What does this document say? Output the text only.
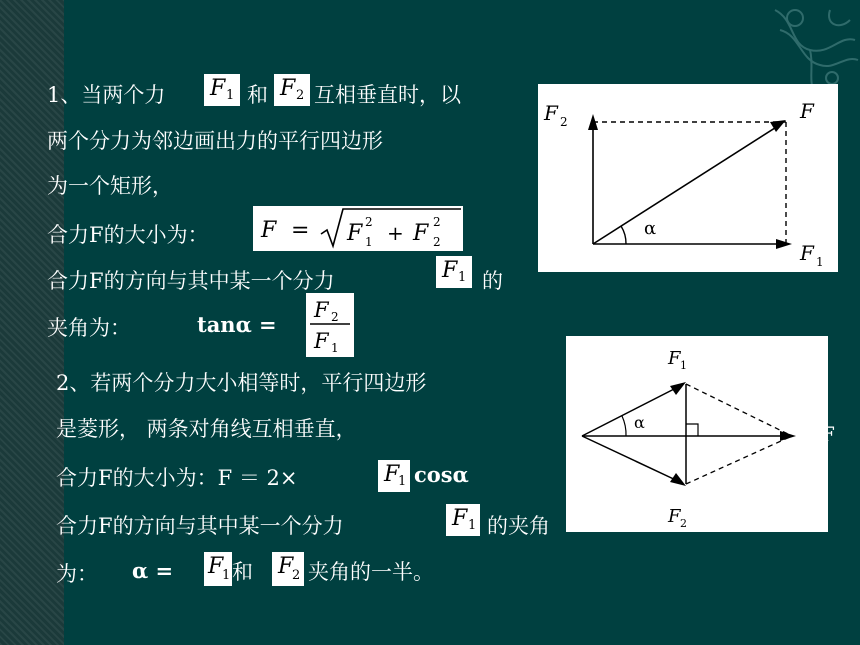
1、当两个力 F 1 和 F 2 互相垂直时，以
两个分力为邻边画出力的平行四边形
为一个矩形，
合力F的大小为： F = F 2
1 + F 2
2
合力F的方向与其中某一个分力	F 1 的
夹角为：	tanα =
F 2
F 1
F 2	F
F 1
α
2、若两个分力大小相等时，平行四边形
是菱形， 两条对角线互相垂直，
合力F的大小为：F ＝ 2×	F
1 cosα
合力F的方向与其中某一个分力	F 1 的夹角
为： α = F
1 和 F
2 夹角的一半。
F 1
F 2
α	F
